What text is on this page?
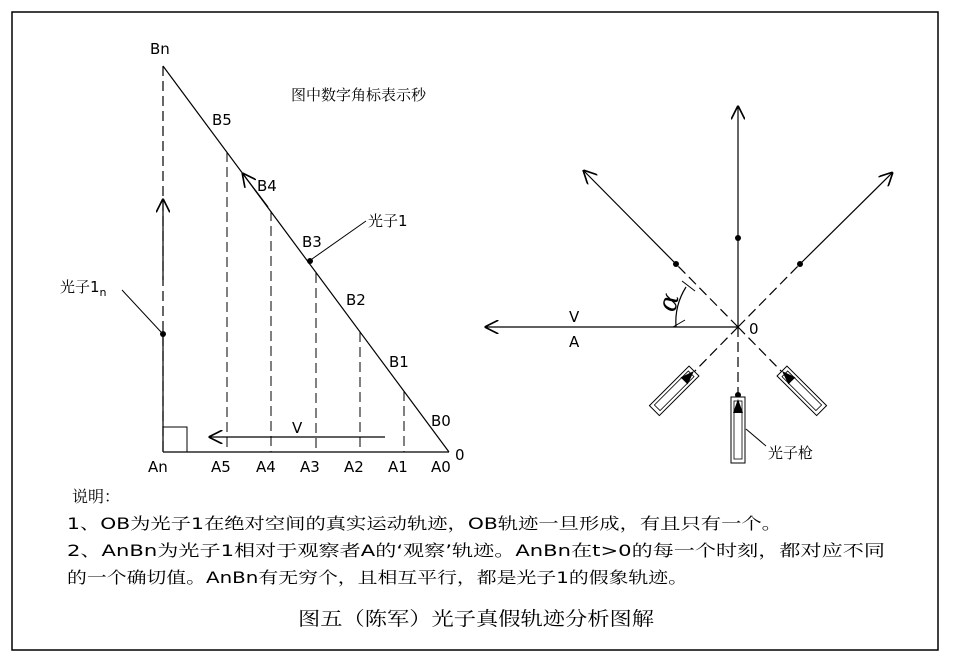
Bn
B5
B4
B3
B2
B1
B0
An	A5 A4 A3 A2 A1 A0
0
V
光子1
光子$1_n$
图中数字角标表示秒
V
A
0
α
光子枪
说明：
1、OB为光子1在绝对空间的真实运动轨迹，OB轨迹一旦形成，有且只有一个。
2、AnBn为光子1相对于观察者A的‘观察’轨迹。AnBn在t>0的每一个时刻，都对应不同
的一个确切值。AnBn有无穷个，且相互平行，都是光子1的假象轨迹。
图五（陈军）光子真假轨迹分析图解
